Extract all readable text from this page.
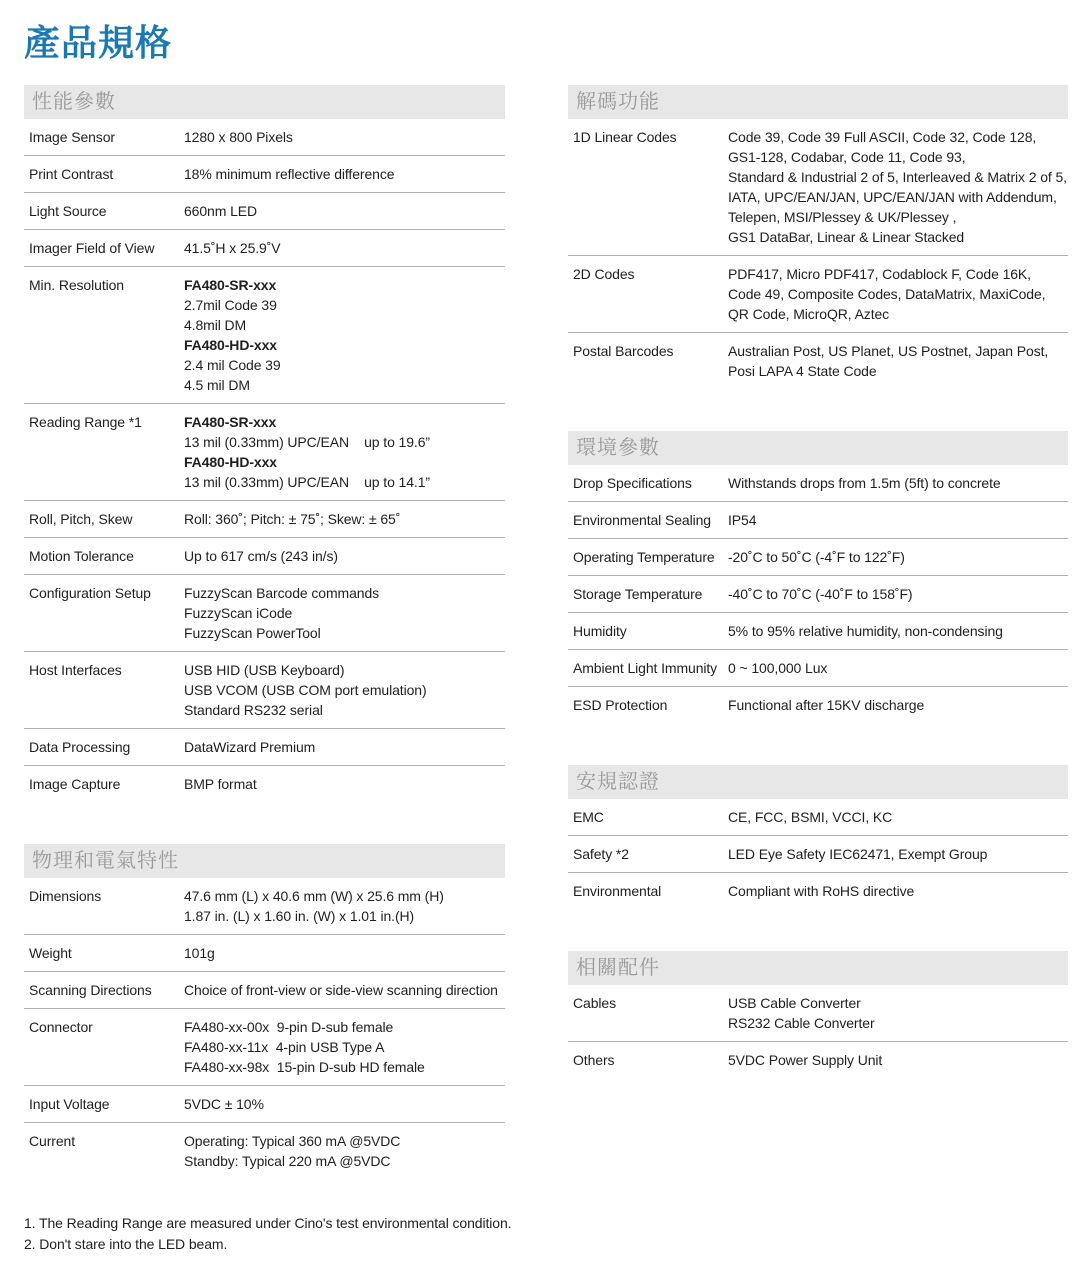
產品規格
性能參數
Image Sensor	1280 x 800 Pixels
Print Contrast	18% minimum reflective difference
Light Source	660nm LED
Imager Field of View	41.5˚H x 25.9˚V
Min. Resolution	FA480-SR-xxx
2.7mil Code 39
4.8mil DM
FA480-HD-xxx
2.4 mil Code 39
4.5 mil DM
Reading Range *1	FA480-SR-xxx
13 mil (0.33mm) UPC/EAN    up to 19.6”
FA480-HD-xxx
13 mil (0.33mm) UPC/EAN    up to 14.1”
Roll, Pitch, Skew	Roll: 360˚; Pitch: ± 75˚; Skew: ± 65˚
Motion Tolerance	Up to 617 cm/s (243 in/s)
Configuration Setup	FuzzyScan Barcode commands
FuzzyScan iCode
FuzzyScan PowerTool
Host Interfaces	USB HID (USB Keyboard)
USB VCOM (USB COM port emulation)
Standard RS232 serial
Data Processing	DataWizard Premium
Image Capture	BMP format
物理和電氣特性
Dimensions	47.6 mm (L) x 40.6 mm (W) x 25.6 mm (H)
1.87 in. (L) x 1.60 in. (W) x 1.01 in.(H)
Weight	101g
Scanning Directions	Choice of front-view or side-view scanning direction
Connector	FA480-xx-00x  9-pin D-sub female
FA480-xx-11x  4-pin USB Type A
FA480-xx-98x  15-pin D-sub HD female
Input Voltage	5VDC ± 10%
Current	Operating: Typical 360 mA @5VDC
Standby: Typical 220 mA @5VDC
解碼功能
1D Linear Codes	Code 39, Code 39 Full ASCII, Code 32, Code 128,
GS1-128, Codabar, Code 11, Code 93,
Standard & Industrial 2 of 5, Interleaved & Matrix 2 of 5,
IATA, UPC/EAN/JAN, UPC/EAN/JAN with Addendum,
Telepen, MSI/Plessey & UK/Plessey ,
GS1 DataBar, Linear & Linear Stacked
2D Codes	PDF417, Micro PDF417, Codablock F, Code 16K,
Code 49, Composite Codes, DataMatrix, MaxiCode,
QR Code, MicroQR, Aztec
Postal Barcodes	Australian Post, US Planet, US Postnet, Japan Post,
Posi LAPA 4 State Code
環境參數
Drop Specifications	Withstands drops from 1.5m (5ft) to concrete
Environmental Sealing	IP54
Operating Temperature -20˚C to 50˚C (-4˚F to 122˚F)
Storage Temperature	-40˚C to 70˚C (-40˚F to 158˚F)
Humidity	5% to 95% relative humidity, non-condensing
Ambient Light Immunity 0 ~ 100,000 Lux
ESD Protection	Functional after 15KV discharge
安規認證
EMC	CE, FCC, BSMI, VCCI, KC
Safety *2	LED Eye Safety IEC62471, Exempt Group
Environmental	Compliant with RoHS directive
相關配件
Cables	USB Cable Converter
RS232 Cable Converter
Others	5VDC Power Supply Unit

1. The Reading Range are measured under Cino's test environmental condition.

2. Don't stare into the LED beam.
